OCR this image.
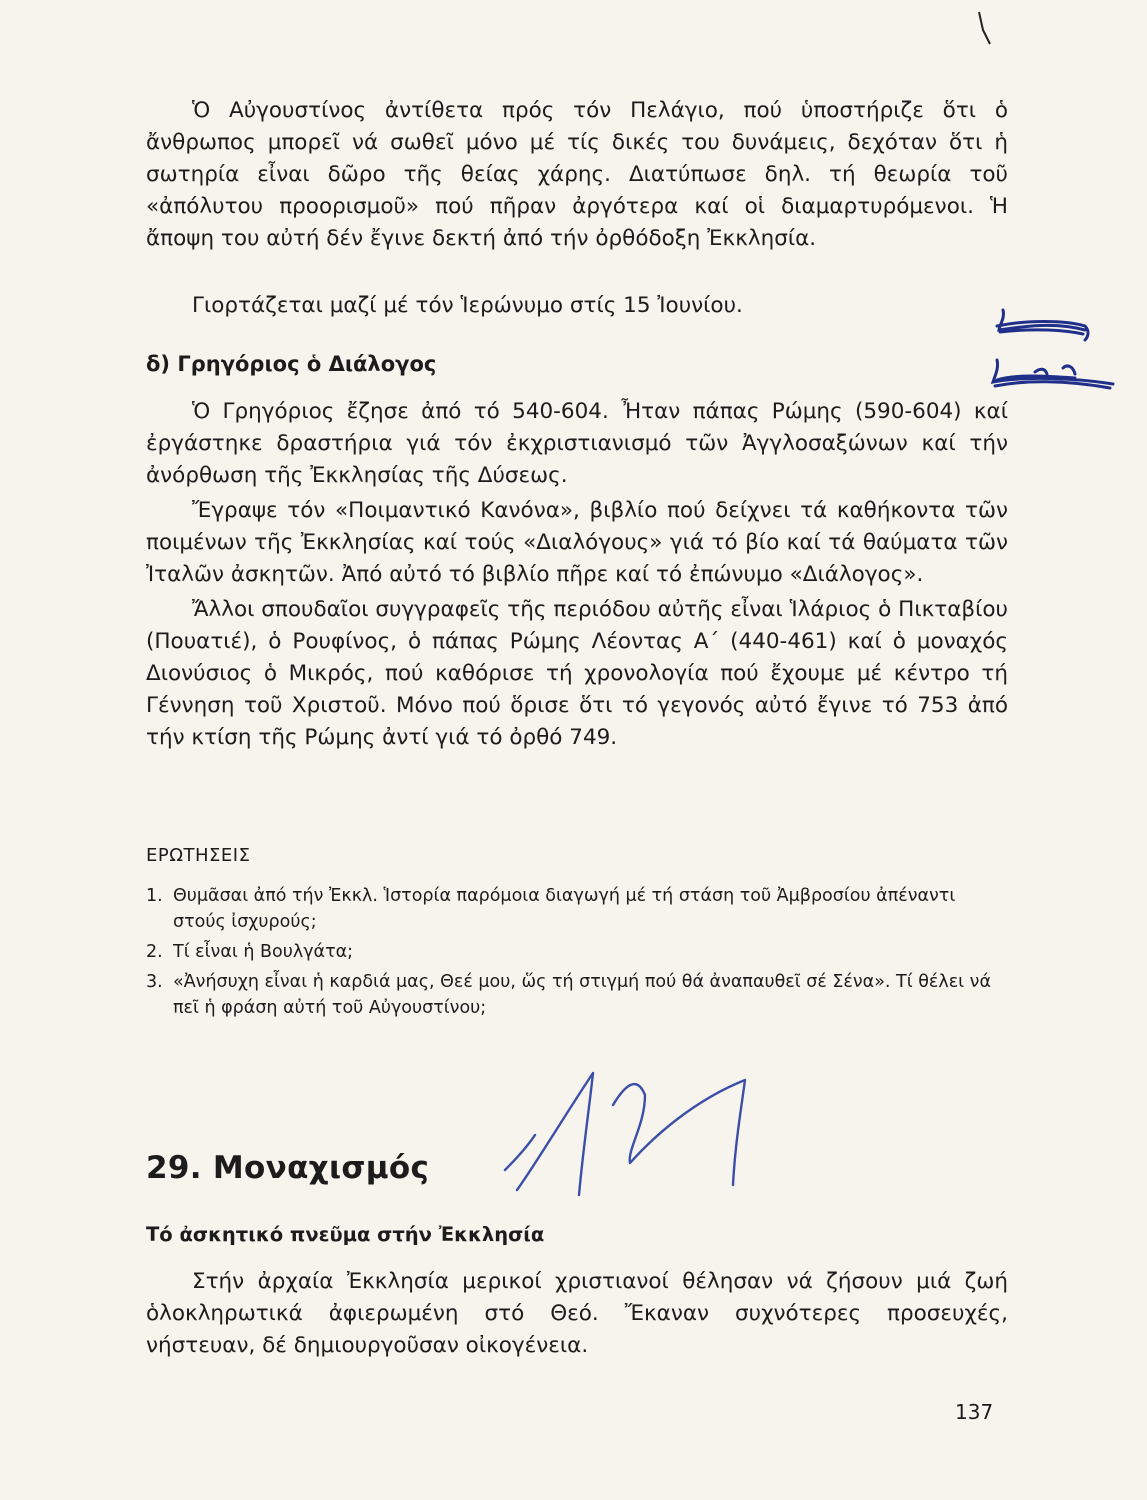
Ὁ Αὐγουστίνος ἀντίθετα πρός τόν Πελάγιο, πού ὑποστήριζε ὅτι ὁ ἄνθρωπος μπορεῖ νά σωθεῖ μόνο μέ τίς δικές του δυνάμεις, δεχόταν ὅτι ἡ σωτηρία εἶναι δῶρο τῆς θείας χάρης. Διατύπωσε δηλ. τή θεωρία τοῦ «ἀπόλυτου προορισμοῦ» πού πῆραν ἀργότερα καί οἱ διαμαρτυρόμενοι. Ἡ ἄποψη του αὐτή δέν ἔγινε δεκτή ἀπό τήν ὀρθόδοξη Ἐκκλησία.

Γιορτάζεται μαζί μέ τόν Ἱερώνυμο στίς 15 Ἰουνίου.

δ) Γρηγόριος ὁ Διάλογος

Ὁ Γρηγόριος ἔζησε ἀπό τό 540-604. Ἦταν πάπας Ρώμης (590-604) καί ἐργάστηκε δραστήρια γιά τόν ἐκχριστιανισμό τῶν Ἀγγλοσαξώνων καί τήν ἀνόρθωση τῆς Ἐκκλησίας τῆς Δύσεως.

Ἔγραψε τόν «Ποιμαντικό Κανόνα», βιβλίο πού δείχνει τά καθήκοντα τῶν ποιμένων τῆς Ἐκκλησίας καί τούς «Διαλόγους» γιά τό βίο καί τά θαύματα τῶν Ἰταλῶν ἀσκητῶν. Ἀπό αὐτό τό βιβλίο πῆρε καί τό ἐπώνυμο «Διάλογος».

Ἄλλοι σπουδαῖοι συγγραφεῖς τῆς περιόδου αὐτῆς εἶναι Ἱλάριος ὁ Πικταβίου (Πουατιέ), ὁ Ρουφίνος, ὁ πάπας Ρώμης Λέοντας Α΄ (440-461) καί ὁ μοναχός Διονύσιος ὁ Μικρός, πού καθόρισε τή χρονολογία πού ἔχουμε μέ κέντρο τή Γέννηση τοῦ Χριστοῦ. Μόνο πού ὅρισε ὅτι τό γεγονός αὐτό ἔγινε τό 753 ἀπό τήν κτίση τῆς Ρώμης ἀντί γιά τό ὀρθό 749.

ΕΡΩΤΗΣΕΙΣ
1. Θυμᾶσαι ἀπό τήν Ἐκκλ. Ἱστορία παρόμοια διαγωγή μέ τή στάση τοῦ Ἀμβροσίου ἀπέναντι στούς ἰσχυρούς;
2. Τί εἶναι ἡ Βουλγάτα;
3. «Ἀνήσυχη εἶναι ἡ καρδιά μας, Θεέ μου, ὥς τή στιγμή πού θά ἀναπαυθεῖ σέ Σένα». Τί θέλει νά πεῖ ἡ φράση αὐτή τοῦ Αὐγουστίνου;
29. Μοναχισμός
Τό ἀσκητικό πνεῦμα στήν Ἐκκλησία

Στήν ἀρχαία Ἐκκλησία μερικοί χριστιανοί θέλησαν νά ζήσουν μιά ζωή ὁλοκληρωτικά ἀφιερωμένη στό Θεό. Ἔκαναν συχνότερες προσευχές, νήστευαν, δέ δημιουργοῦσαν οἰκογένεια.

137
